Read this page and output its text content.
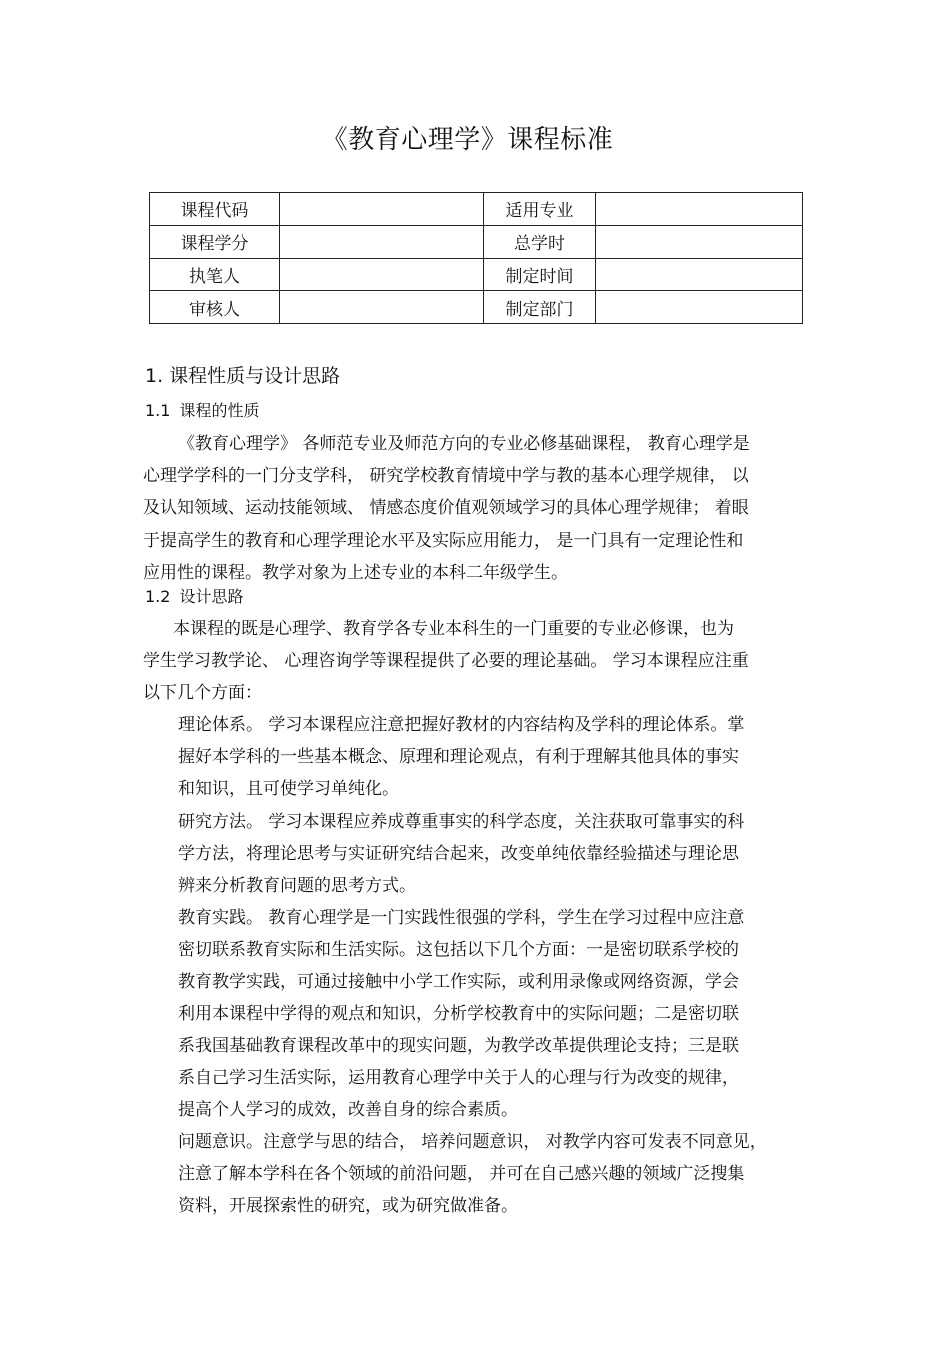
《教育心理学》课程标准
课程代码		适用专业	
课程学分		总学时	
执笔人		制定时间	
审核人		制定部门	
1. 课程性质与设计思路
1.1 课程的性质
《教育心理学》 各师范专业及师范方向的专业必修基础课程， 教育心理学是
心理学学科的一门分支学科， 研究学校教育情境中学与教的基本心理学规律， 以
及认知领域、运动技能领域、 情感态度价值观领域学习的具体心理学规律； 着眼
于提高学生的教育和心理学理论水平及实际应用能力， 是一门具有一定理论性和
应用性的课程。教学对象为上述专业的本科二年级学生。
1.2 设计思路
本课程的既是心理学、教育学各专业本科生的一门重要的专业必修课，也为
学生学习教学论、 心理咨询学等课程提供了必要的理论基础。 学习本课程应注重
以下几个方面：
理论体系。 学习本课程应注意把握好教材的内容结构及学科的理论体系。掌
握好本学科的一些基本概念、原理和理论观点，有利于理解其他具体的事实
和知识，且可使学习单纯化。
研究方法。 学习本课程应养成尊重事实的科学态度，关注获取可靠事实的科
学方法，将理论思考与实证研究结合起来，改变单纯依靠经验描述与理论思
辨来分析教育问题的思考方式。
教育实践。 教育心理学是一门实践性很强的学科，学生在学习过程中应注意
密切联系教育实际和生活实际。这包括以下几个方面：一是密切联系学校的
教育教学实践，可通过接触中小学工作实际，或利用录像或网络资源，学会
利用本课程中学得的观点和知识，分析学校教育中的实际问题；二是密切联
系我国基础教育课程改革中的现实问题，为教学改革提供理论支持；三是联
系自己学习生活实际，运用教育心理学中关于人的心理与行为改变的规律，
提高个人学习的成效，改善自身的综合素质。
问题意识。注意学与思的结合， 培养问题意识， 对教学内容可发表不同意见，
注意了解本学科在各个领域的前沿问题， 并可在自己感兴趣的领域广泛搜集
资料，开展探索性的研究，或为研究做准备。
